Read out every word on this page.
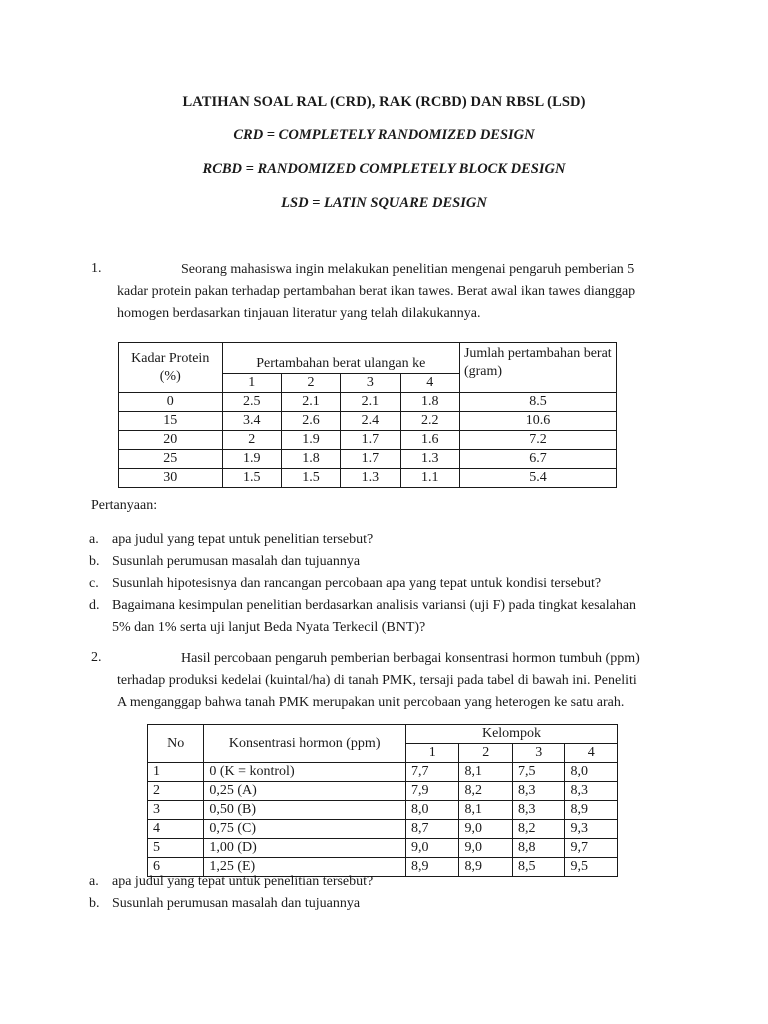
LATIHAN SOAL RAL (CRD), RAK (RCBD) DAN RBSL (LSD)
CRD = COMPLETELY RANDOMIZED DESIGN
RCBD = RANDOMIZED COMPLETELY BLOCK DESIGN
LSD = LATIN SQUARE DESIGN
1.	Seorang mahasiswa ingin melakukan penelitian mengenai pengaruh pemberian 5
kadar protein pakan terhadap pertambahan berat ikan tawes. Berat awal ikan tawes dianggap
homogen berdasarkan tinjauan literatur yang telah dilakukannya.
Kadar Protein (%)	Pertambahan berat ulangan ke				Jumlah pertambahan berat (gram)
	1	2	3	4	
0	2.5	2.1	2.1	1.8	8.5
15	3.4	2.6	2.4	2.2	10.6
20	2	1.9	1.7	1.6	7.2
25	1.9	1.8	1.7	1.3	6.7
30	1.5	1.5	1.3	1.1	5.4
Pertanyaan:
a. apa judul yang tepat untuk penelitian tersebut?
b. Susunlah perumusan masalah dan tujuannya
c. Susunlah hipotesisnya dan rancangan percobaan apa yang tepat untuk kondisi tersebut?
d. Bagaimana kesimpulan penelitian berdasarkan analisis variansi (uji F) pada tingkat kesalahan
5% dan 1% serta uji lanjut Beda Nyata Terkecil (BNT)?
2.	Hasil percobaan pengaruh pemberian berbagai konsentrasi hormon tumbuh (ppm)
terhadap produksi kedelai (kuintal/ha) di tanah PMK, tersaji pada tabel di bawah ini. Peneliti
A menganggap bahwa tanah PMK merupakan unit percobaan yang heterogen ke satu arah.
No	Konsentrasi hormon (ppm)	Kelompok			
		1	2	3	4
1	0 (K = kontrol)	7,7	8,1	7,5	8,0
2	0,25 (A)	7,9	8,2	8,3	8,3
3	0,50 (B)	8,0	8,1	8,3	8,9
4	0,75 (C)	8,7	9,0	8,2	9,3
5	1,00 (D)	9,0	9,0	8,8	9,7
6	1,25 (E)	8,9	8,9	8,5	9,5
a. apa judul yang tepat untuk penelitian tersebut?
b. Susunlah perumusan masalah dan tujuannya
